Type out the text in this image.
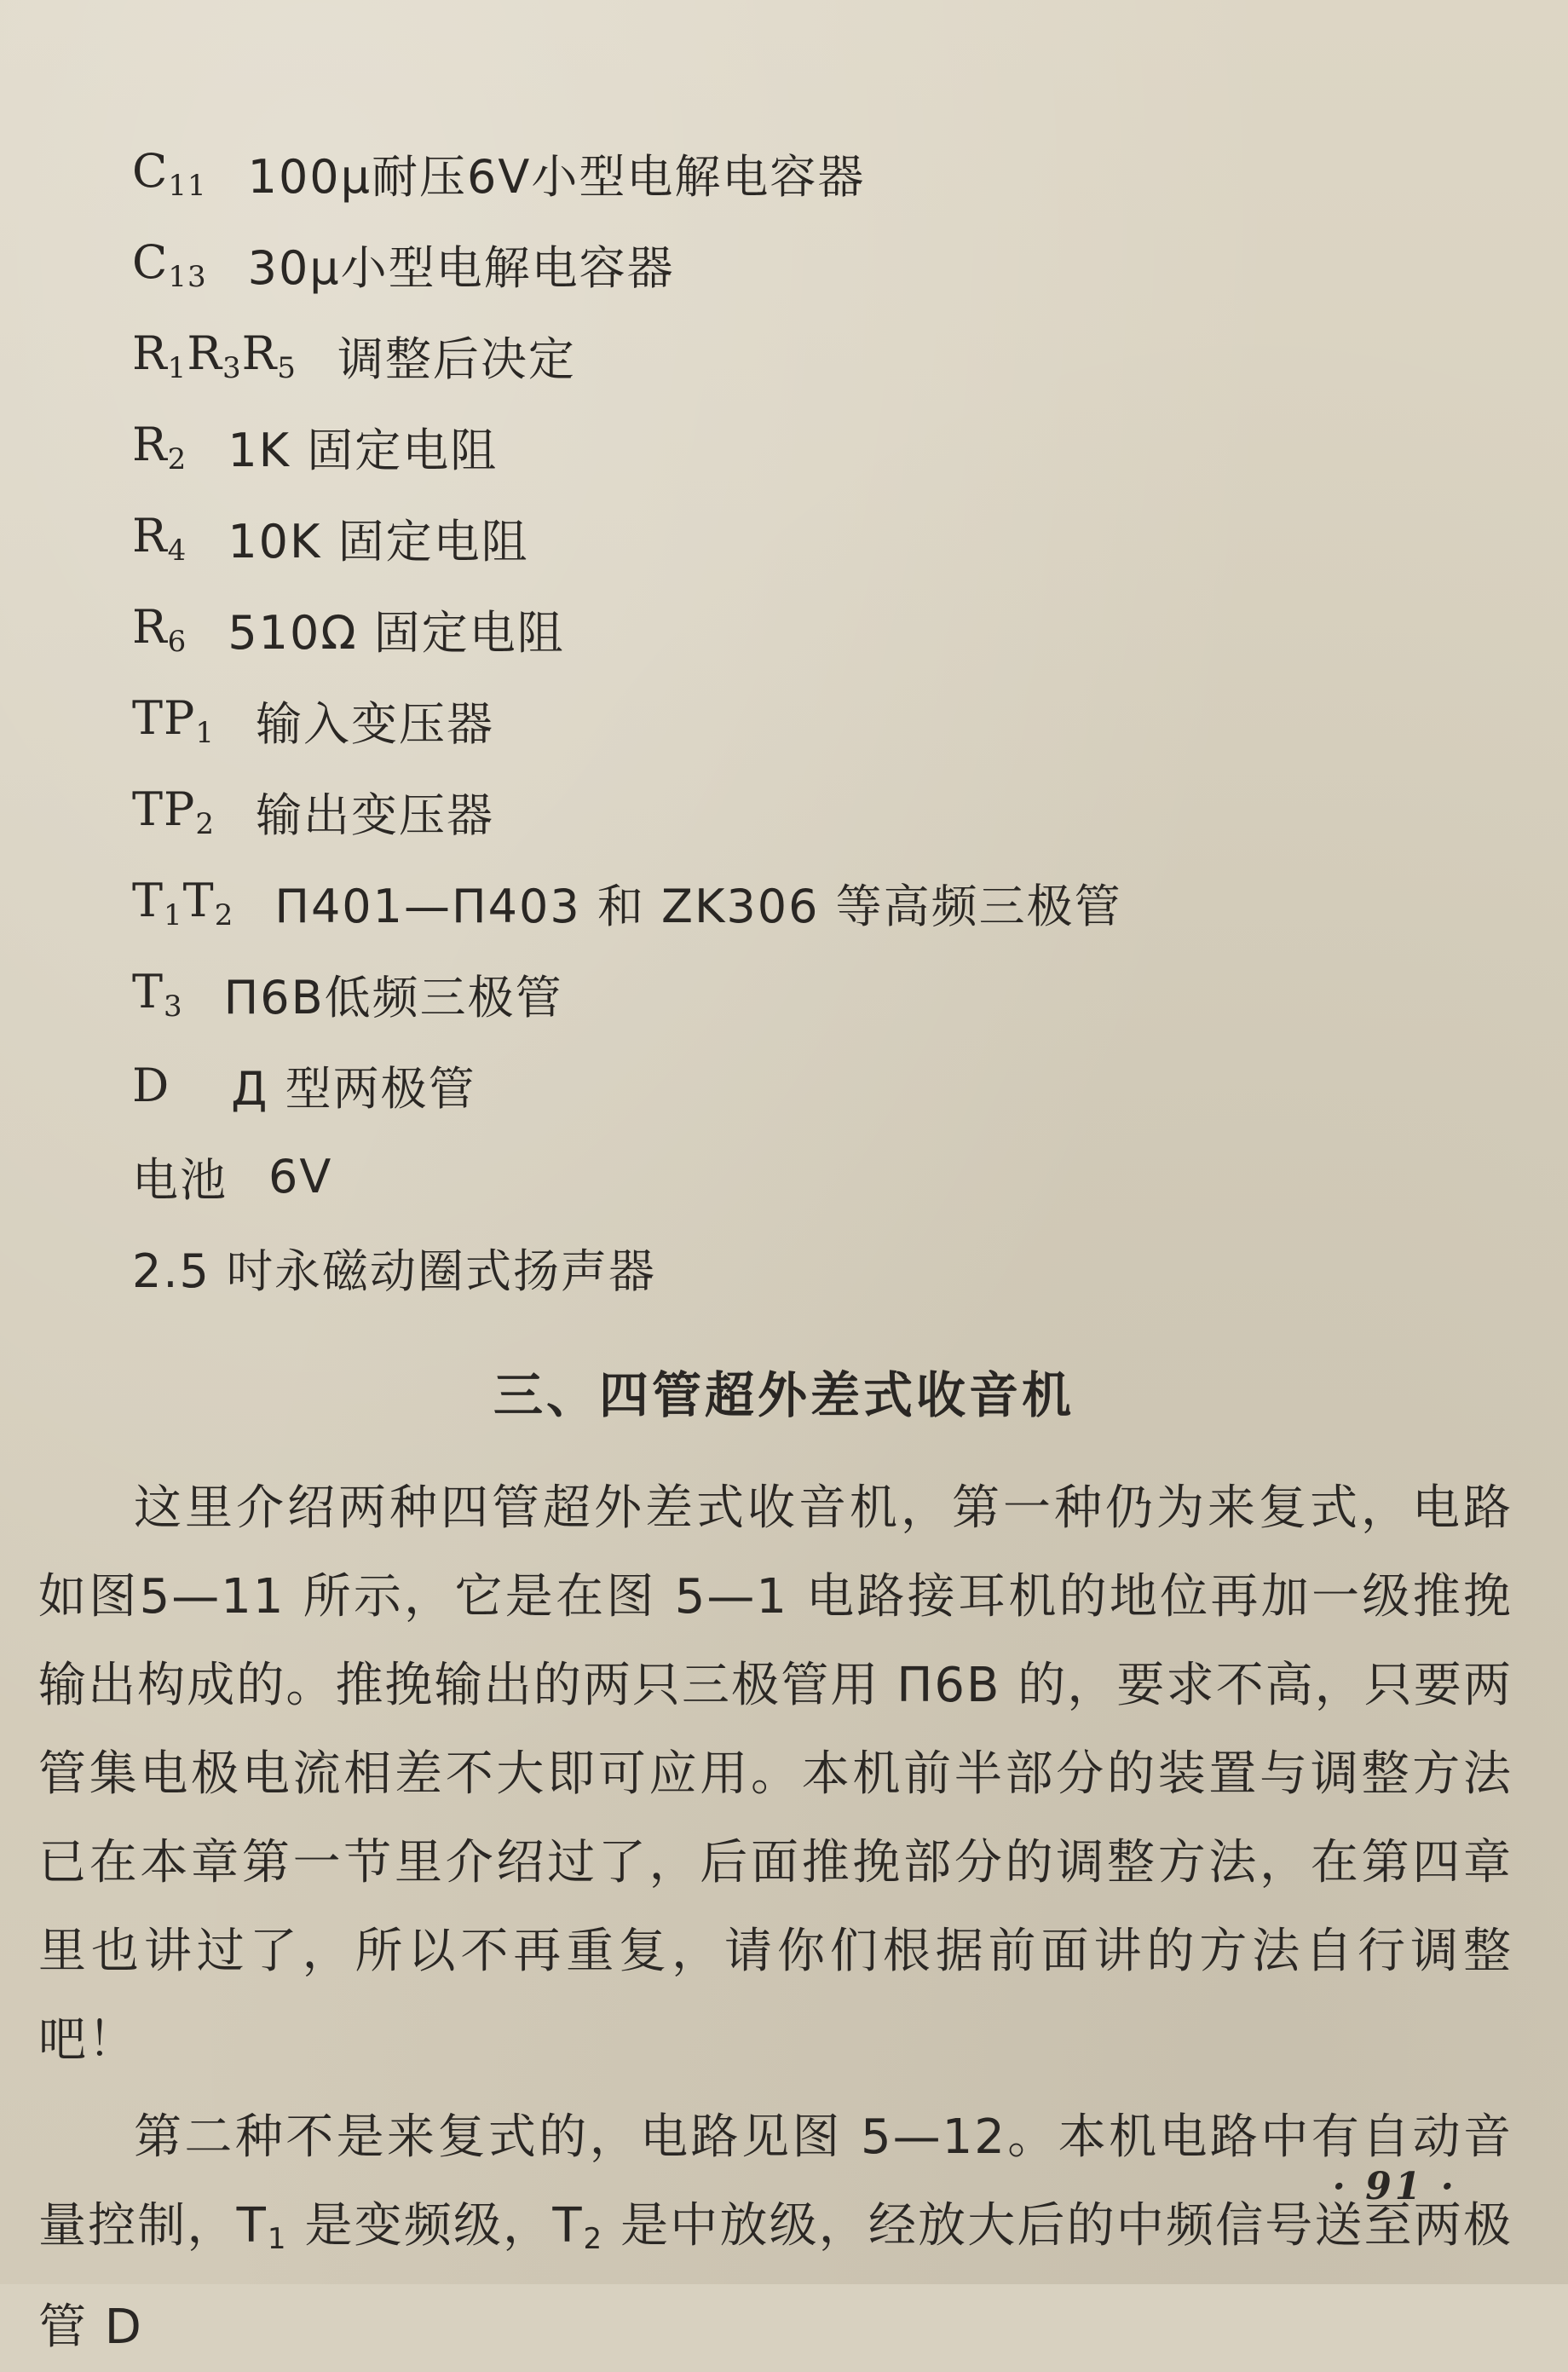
$C_{11}$ 100μ耐压6V小型电解电容器
$C_{13}$ 30μ小型电解电容器
$R_1R_3R_5$ 调整后决定
$R_2$ 1K 固定电阻
$R_4$ 10K 固定电阻
$R_6$ 510Ω 固定电阻
$TP_1$ 输入变压器
$TP_2$ 输出变压器
$T_1T_2$ Π401—Π403 和 ZK306 等高频三极管
$T_3$ Π6B低频三极管
D Д 型两极管
电池 6V
2.5 吋永磁动圈式扬声器
三、四管超外差式收音机

这里介绍两种四管超外差式收音机，第一种仍为来复式，电路如图5—11 所示，它是在图 5—1 电路接耳机的地位再加一级推挽输出构成的。推挽输出的两只三极管用 Π6B 的，要求不高，只要两管集电极电流相差不大即可应用。本机前半部分的装置与调整方法已在本章第一节里介绍过了，后面推挽部分的调整方法，在第四章里也讲过了，所以不再重复，请你们根据前面讲的方法自行调整吧！

第二种不是来复式的，电路见图 5—12。本机电路中有自动音量控制，$T_1$ 是变频级，$T_2$ 是中放级，经放大后的中频信号送至两极管 D

· 91 ·
